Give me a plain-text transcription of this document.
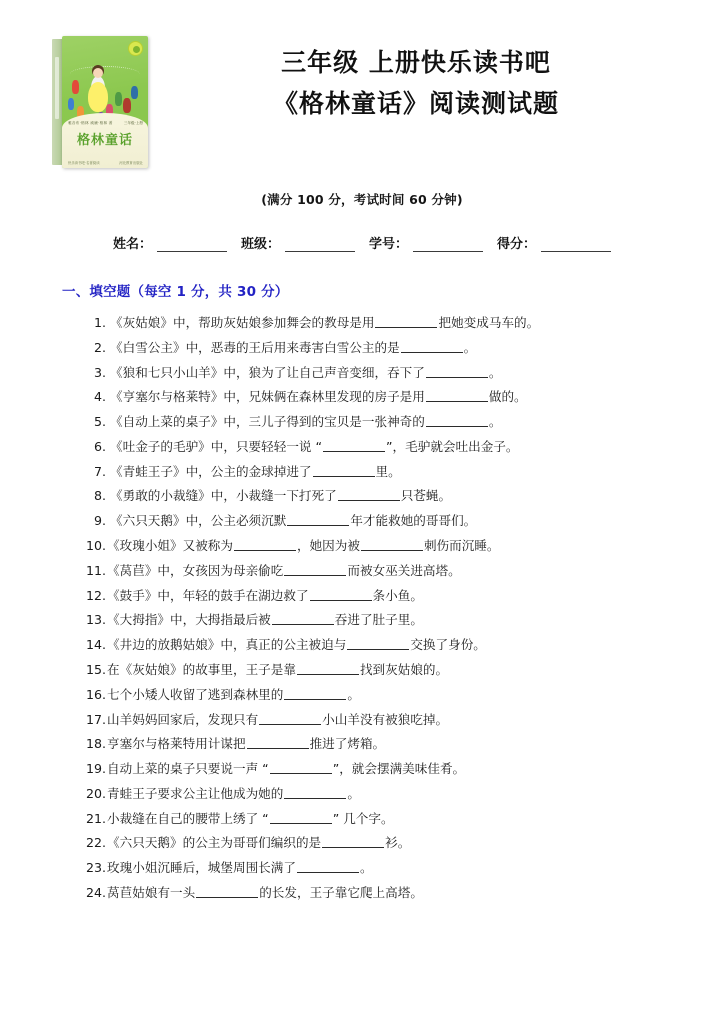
雅各布·格林 威廉·格林 著	三年级·上册
格林童话
快乐读书吧·名著阅读	河北教育出版社
三年级 上册快乐读书吧
《格林童话》阅读测试题
(满分 100 分，考试时间 60 分钟)
姓名：	班级：	学号：	得分：
一、填空题（每空 1 分，共 30 分）
1. 《灰姑娘》中，帮助灰姑娘参加舞会的教母是用	把她变成马车的。
2. 《白雪公主》中，恶毒的王后用来毒害白雪公主的是	。
3. 《狼和七只小山羊》中，狼为了让自己声音变细，吞下了	。
4. 《亨塞尔与格莱特》中，兄妹俩在森林里发现的房子是用	做的。
5. 《自动上菜的桌子》中，三儿子得到的宝贝是一张神奇的	。
6. 《吐金子的毛驴》中，只要轻轻一说 “	”，毛驴就会吐出金子。
7. 《青蛙王子》中，公主的金球掉进了	里。
8. 《勇敢的小裁缝》中，小裁缝一下打死了	只苍蝇。
9. 《六只天鹅》中，公主必须沉默	年才能救她的哥哥们。
10. 《玫瑰小姐》又被称为	，她因为被	刺伤而沉睡。
11. 《莴苣》中，女孩因为母亲偷吃	而被女巫关进高塔。
12. 《鼓手》中，年轻的鼓手在湖边救了	条小鱼。
13. 《大拇指》中，大拇指最后被	吞进了肚子里。
14. 《井边的放鹅姑娘》中，真正的公主被迫与	交换了身份。
15. 在《灰姑娘》的故事里，王子是靠	找到灰姑娘的。
16. 七个小矮人收留了逃到森林里的	。
17. 山羊妈妈回家后，发现只有	小山羊没有被狼吃掉。
18. 亨塞尔与格莱特用计谋把	推进了烤箱。
19. 自动上菜的桌子只要说一声 “	”，就会摆满美味佳肴。
20. 青蛙王子要求公主让他成为她的	。
21. 小裁缝在自己的腰带上绣了 “	” 几个字。
22. 《六只天鹅》的公主为哥哥们编织的是	衫。
23. 玫瑰小姐沉睡后，城堡周围长满了	。
24. 莴苣姑娘有一头	的长发，王子靠它爬上高塔。
